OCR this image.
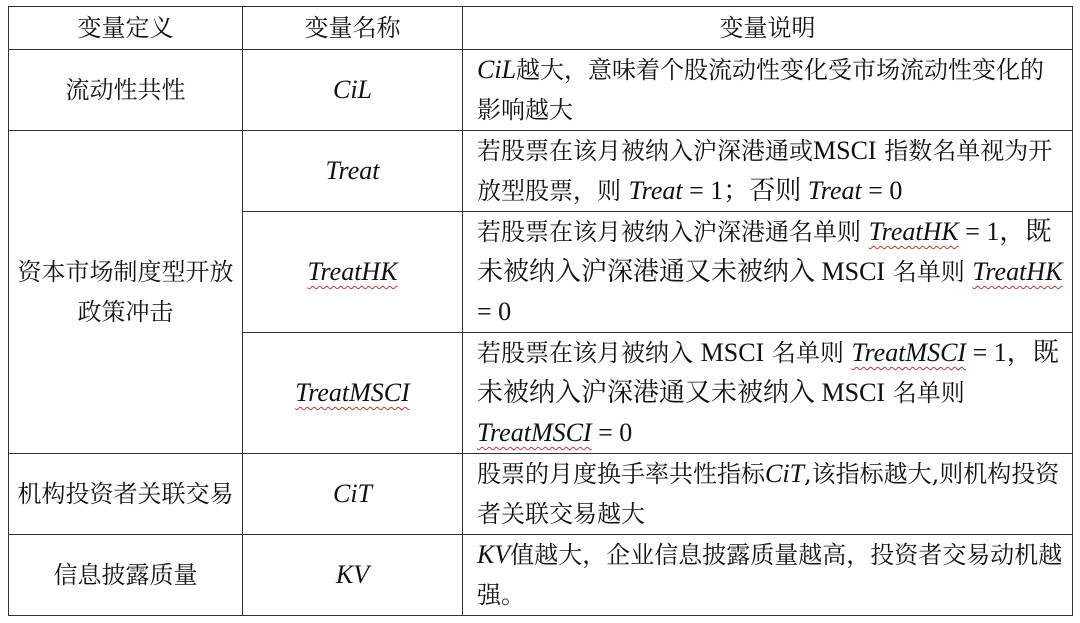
变量定义	变量名称	变量说明
流动性共性	CiL	CiL越大，意味着个股流动性变化受市场流动性变化的影响越大
资本市场制度型开放政策冲击	Treat	若股票在该月被纳入沪深港通或MSCI 指数名单视为开放型股票，则 Treat = 1；否则 Treat = 0
	TreatHK	若股票在该月被纳入沪深港通名单则 TreatHK = 1，既未被纳入沪深港通又未被纳入 MSCI 名单则 TreatHK = 0
	TreatMSCI	若股票在该月被纳入 MSCI 名单则 TreatMSCI = 1，既未被纳入沪深港通又未被纳入 MSCI 名单则 TreatMSCI = 0
机构投资者关联交易	CiT	股票的月度换手率共性指标CiT,该指标越大,则机构投资者关联交易越大
信息披露质量	KV	KV值越大，企业信息披露质量越高，投资者交易动机越强。
